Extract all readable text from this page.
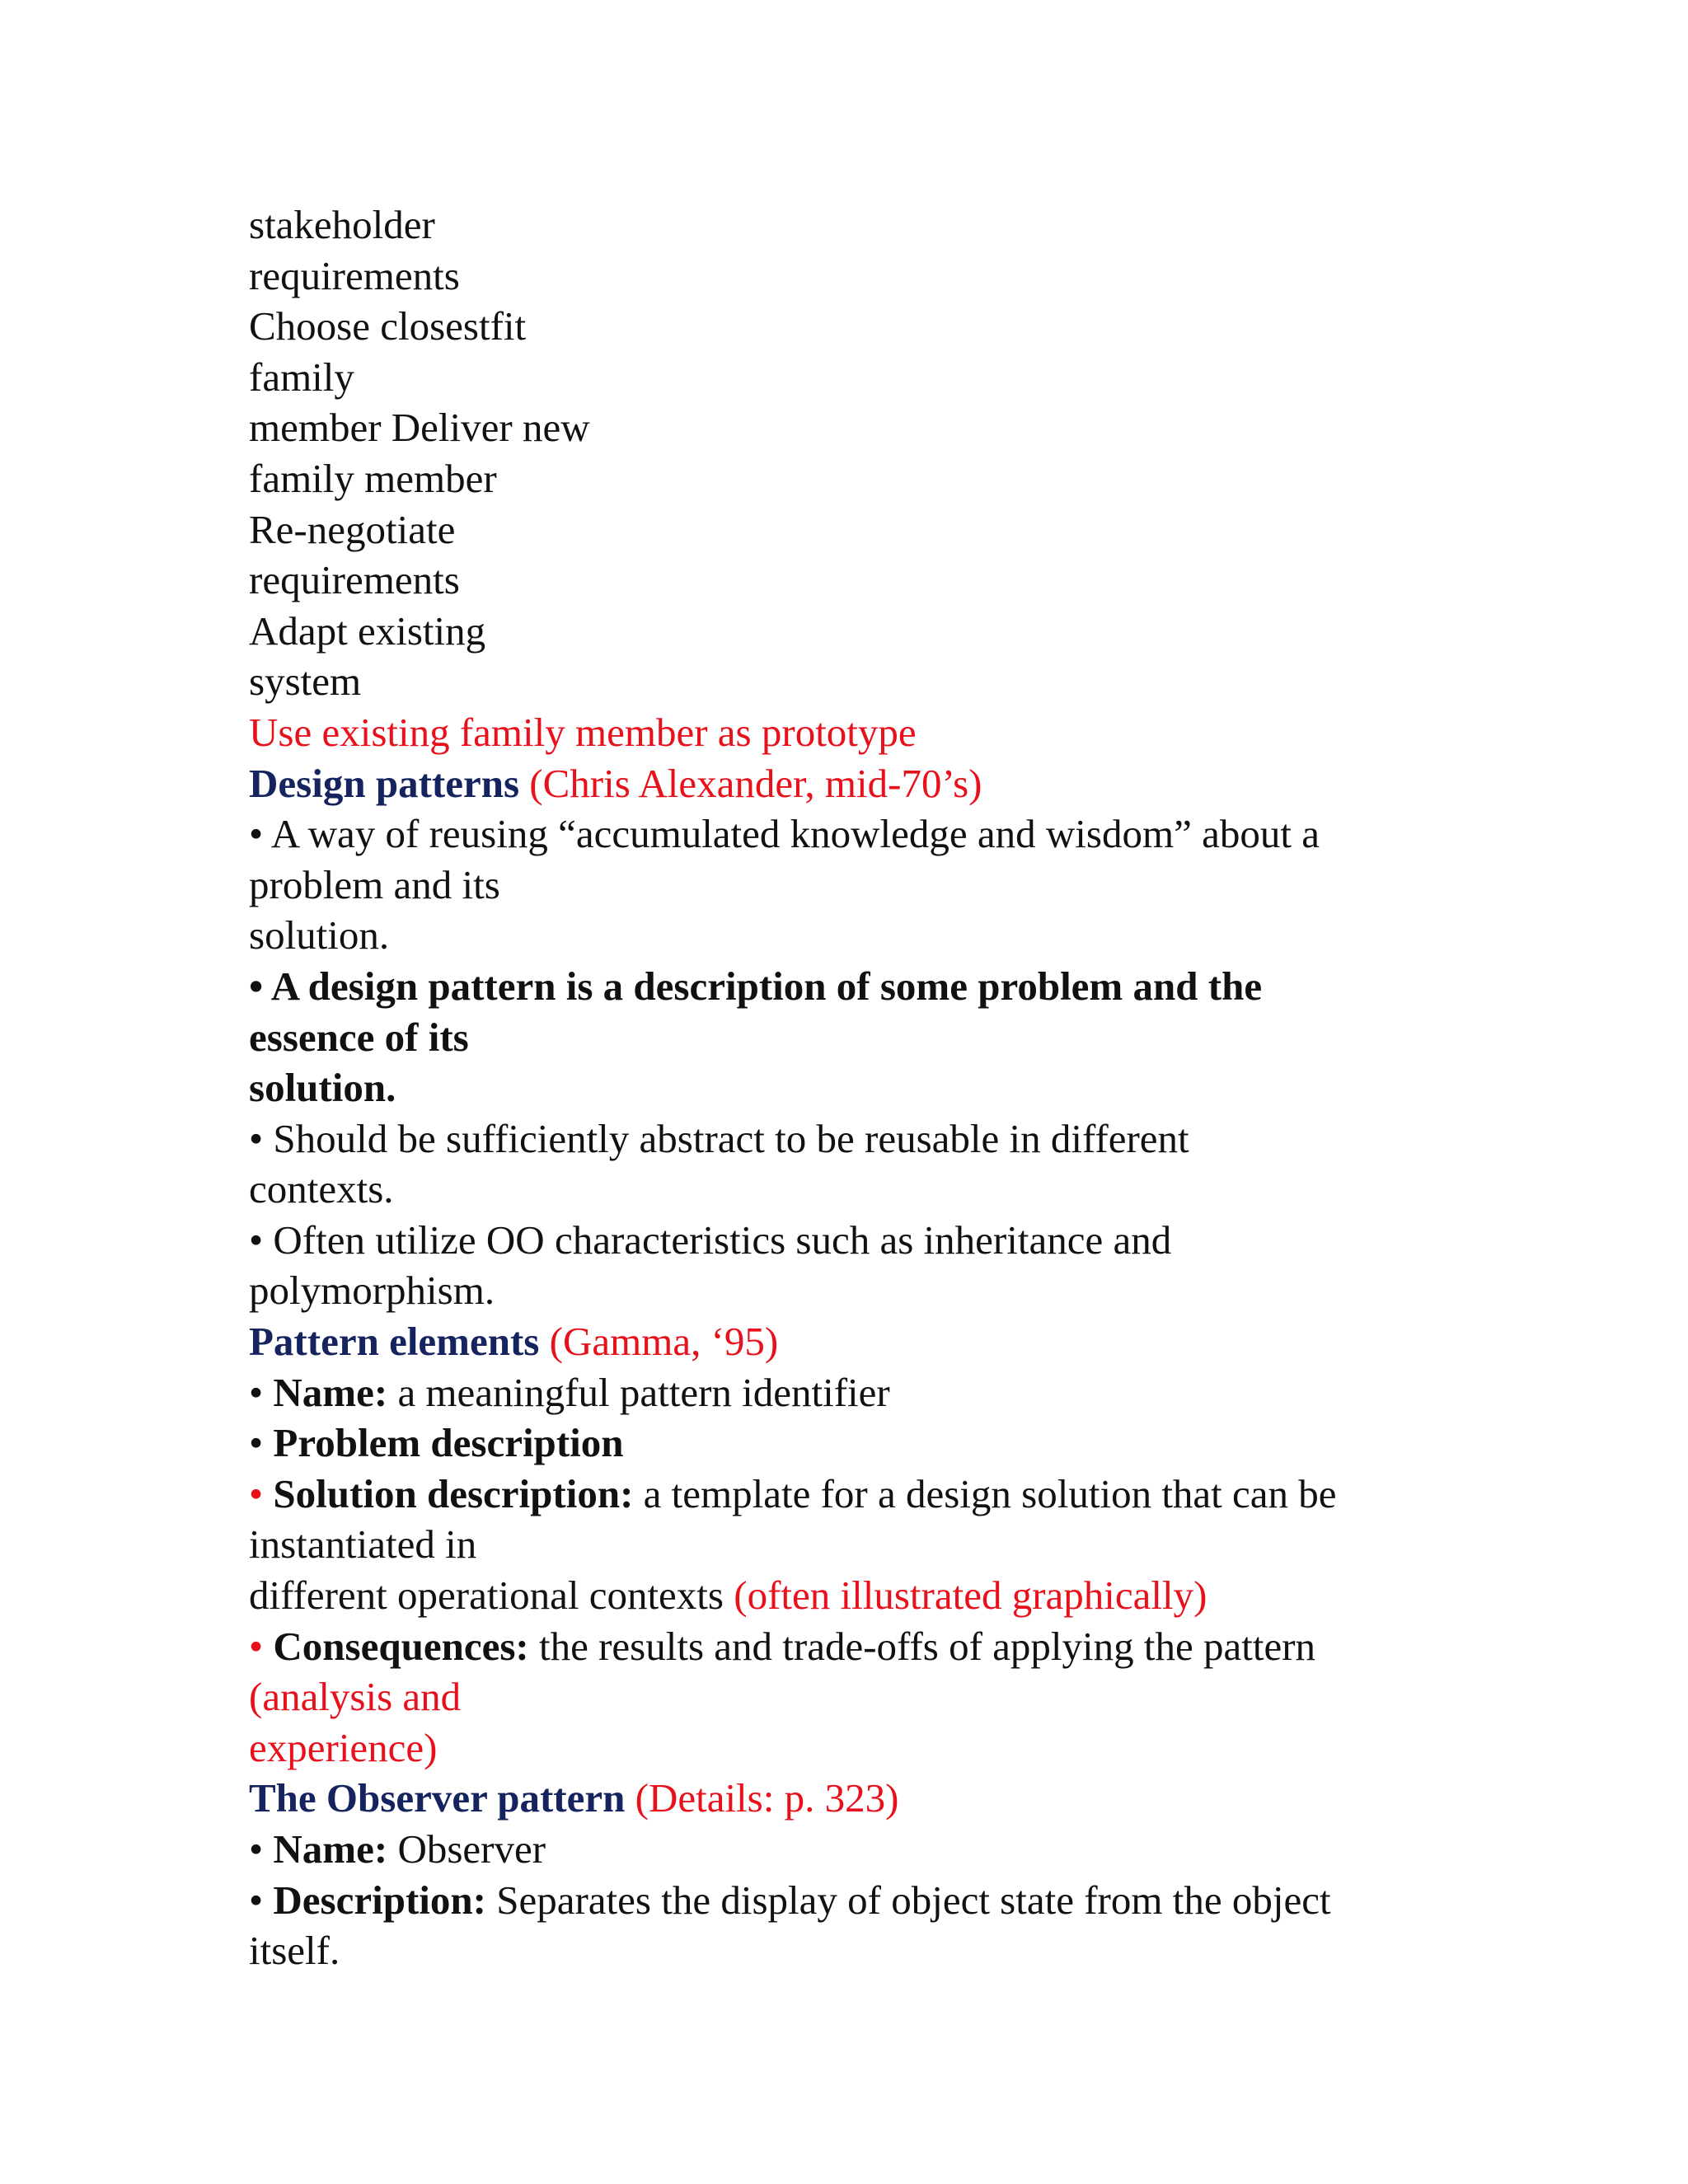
stakeholder
requirements
Choose closestfit
family
member Deliver new
family member
Re-negotiate
requirements
Adapt existing
system
Use existing family member as prototype
Design patterns (Chris Alexander, mid-70’s)
• A way of reusing “accumulated knowledge and wisdom” about a
problem and its
solution.
• A design pattern is a description of some problem and the
essence of its
solution.
• Should be sufficiently abstract to be reusable in different
contexts.
• Often utilize OO characteristics such as inheritance and
polymorphism.
Pattern elements (Gamma, ‘95)
• Name: a meaningful pattern identifier
• Problem description
• Solution description: a template for a design solution that can be
instantiated in
different operational contexts (often illustrated graphically)
• Consequences: the results and trade-offs of applying the pattern
(analysis and
experience)
The Observer pattern (Details: p. 323)
• Name: Observer
• Description: Separates the display of object state from the object
itself.
